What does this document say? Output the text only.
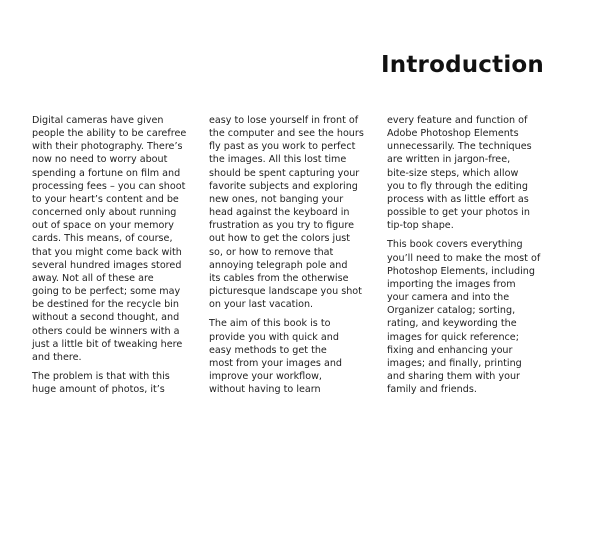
Introduction

Digital cameras have given
people the ability to be carefree
with their photography. There’s
now no need to worry about
spending a fortune on film and
processing fees – you can shoot
to your heart’s content and be
concerned only about running
out of space on your memory
cards. This means, of course,
that you might come back with
several hundred images stored
away. Not all of these are
going to be perfect; some may
be destined for the recycle bin
without a second thought, and
others could be winners with a
just a little bit of tweaking here
and there.

The problem is that with this
huge amount of photos, it’s

easy to lose yourself in front of
the computer and see the hours
fly past as you work to perfect
the images. All this lost time
should be spent capturing your
favorite subjects and exploring
new ones, not banging your
head against the keyboard in
frustration as you try to figure
out how to get the colors just
so, or how to remove that
annoying telegraph pole and
its cables from the otherwise
picturesque landscape you shot
on your last vacation.

The aim of this book is to
provide you with quick and
easy methods to get the
most from your images and
improve your workflow,
without having to learn

every feature and function of
Adobe Photoshop Elements
unnecessarily. The techniques
are written in jargon-free,
bite-size steps, which allow
you to fly through the editing
process with as little effort as
possible to get your photos in
tip-top shape.

This book covers everything
you’ll need to make the most of
Photoshop Elements, including
importing the images from
your camera and into the
Organizer catalog; sorting,
rating, and keywording the
images for quick reference;
fixing and enhancing your
images; and finally, printing
and sharing them with your
family and friends.
